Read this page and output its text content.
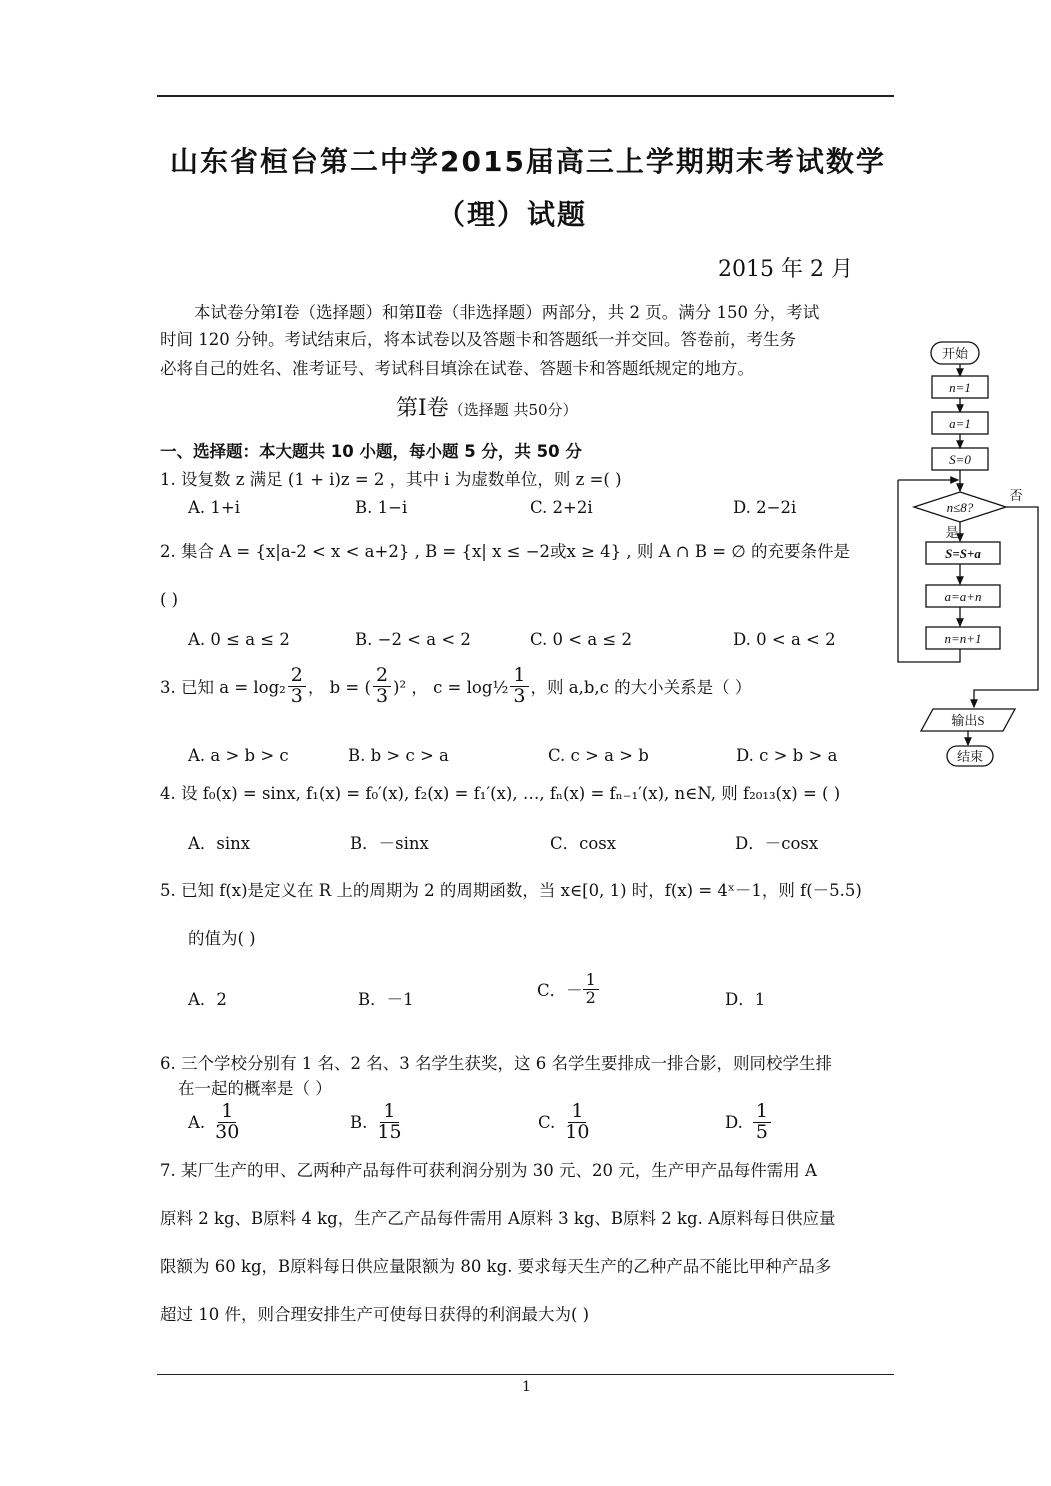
山东省桓台第二中学2015届高三上学期期末考试数学
（理）试题
2015 年 2 月
本试卷分第Ⅰ卷（选择题）和第Ⅱ卷（非选择题）两部分，共 2 页。满分 150 分，考试
时间 120 分钟。考试结束后，将本试卷以及答题卡和答题纸一并交回。答卷前，考生务
必将自己的姓名、准考证号、考试科目填涂在试卷、答题卡和答题纸规定的地方。
第Ⅰ卷（选择题 共50分）
一、选择题：本大题共 10 小题，每小题 5 分，共 50 分
1. 设复数 z 满足 (1 + i)z = 2 ，其中 i 为虚数单位，则 z =( )
A. 1+i	B. 1−i	C. 2+2i	D. 2−2i
2. 集合 A = {x|a-2 < x < a+2} , B = {x| x ≤ −2或x ≥ 4} , 则 A ∩ B = ∅ 的充要条件是
( )
A. 0 ≤ a ≤ 2	B. −2 < a < 2	C. 0 < a ≤ 2	D. 0 < a < 2
3. 已知 $a = \log_2 \frac{2}{3}$ ， b = ( $\frac{2}{3} )^2$ ， c = log½ $\frac{1}{3}$ ，则 a,b,c 的大小关系是（ ）
A. a > b > c	B. b > c > a	C. c > a > b	D. c > b > a
4. 设 f₀(x) = sinx, f₁(x) = f₀′(x), f₂(x) = f₁′(x), …, fₙ(x) = fₙ₋₁′(x), n∈N, 则 f₂₀₁₃(x) = ( )
A．sinx	B．－sinx	C．cosx	D．－cosx
5. 已知 f(x)是定义在 R 上的周期为 2 的周期函数，当 x∈[0, 1) 时，f(x) = 4ˣ－1，则 f(－5.5)
的值为( )
A．2	B．－1	C．－ $\frac{1}{2}$	D．1
6. 三个学校分别有 1 名、2 名、3 名学生获奖，这 6 名学生要排成一排合影，则同校学生排
在一起的概率是（ ）
A. $\frac{1}{30}$	B. $\frac{1}{15}$	C. $\frac{1}{10}$	D. $\frac{1}{5}$
7. 某厂生产的甲、乙两种产品每件可获利润分别为 30 元、20 元，生产甲产品每件需用 A
原料 2 kg、B原料 4 kg，生产乙产品每件需用 A原料 3 kg、B原料 2 kg. A原料每日供应量
限额为 60 kg，B原料每日供应量限额为 80 kg. 要求每天生产的乙种产品不能比甲种产品多
超过 10 件，则合理安排生产可使每日获得的利润最大为( )
1
开始
n=1
a=1
S=0
n≤8?
是
否
S=S+a
a=a+n
n=n+1
输出S
结束
